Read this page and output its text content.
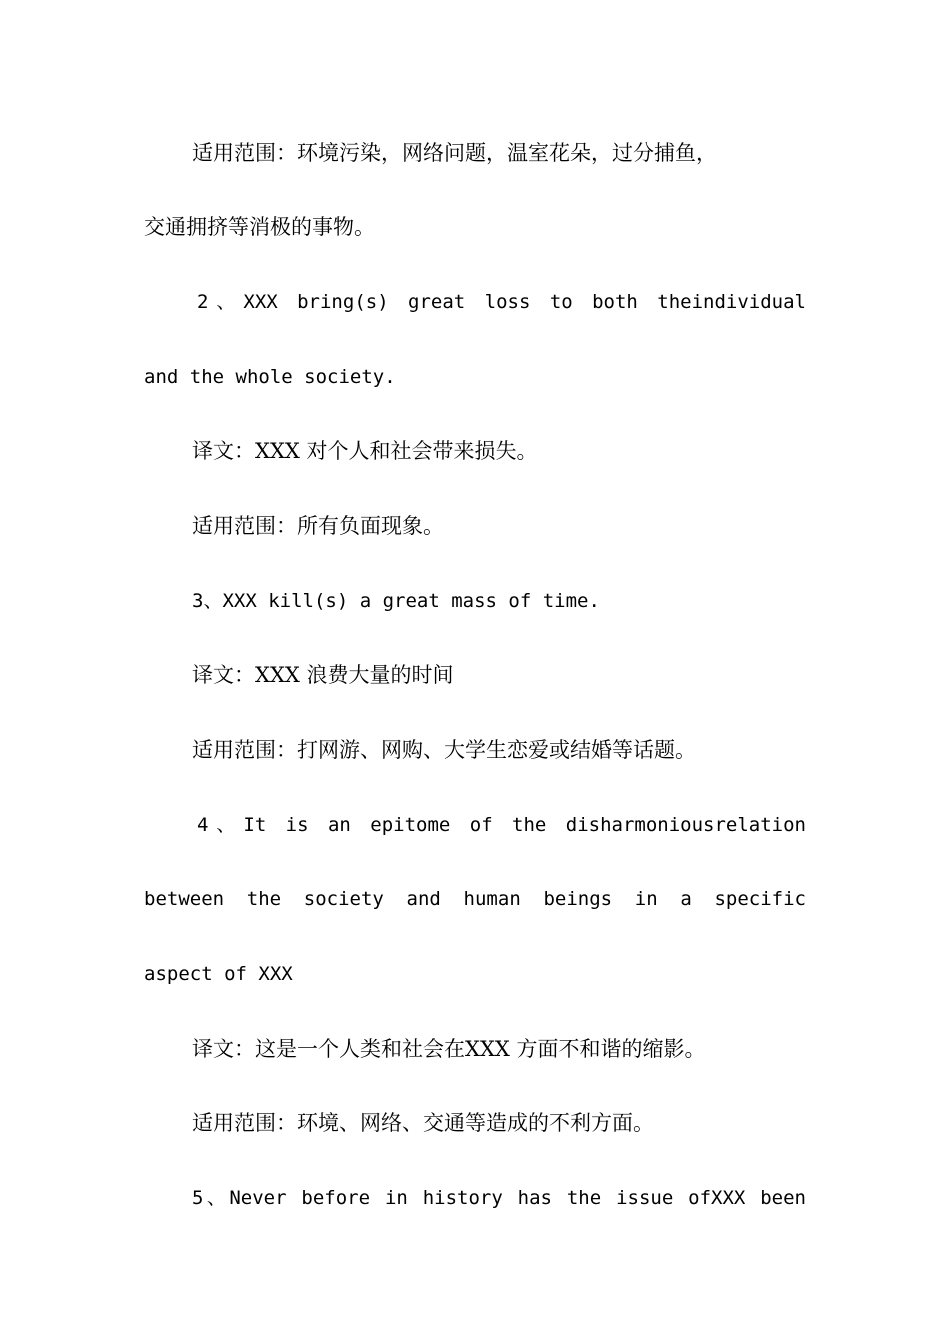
适用范围：环境污染，网络问题，温室花朵，过分捕鱼，
交通拥挤等消极的事物。
2、XXX bring(s) great loss to both theindividual
and the whole society.
译文：XXX 对个人和社会带来损失。
适用范围：所有负面现象。
3、XXX kill(s) a great mass of time.
译文：XXX 浪费大量的时间
适用范围：打网游、网购、大学生恋爱或结婚等话题。
4、It is an epitome of the disharmoniousrelation
between the society and human beings in a specific
aspect of XXX
译文：这是一个人类和社会在XXX 方面不和谐的缩影。
适用范围：环境、网络、交通等造成的不利方面。
5、Never before in history has the issue ofXXX been
